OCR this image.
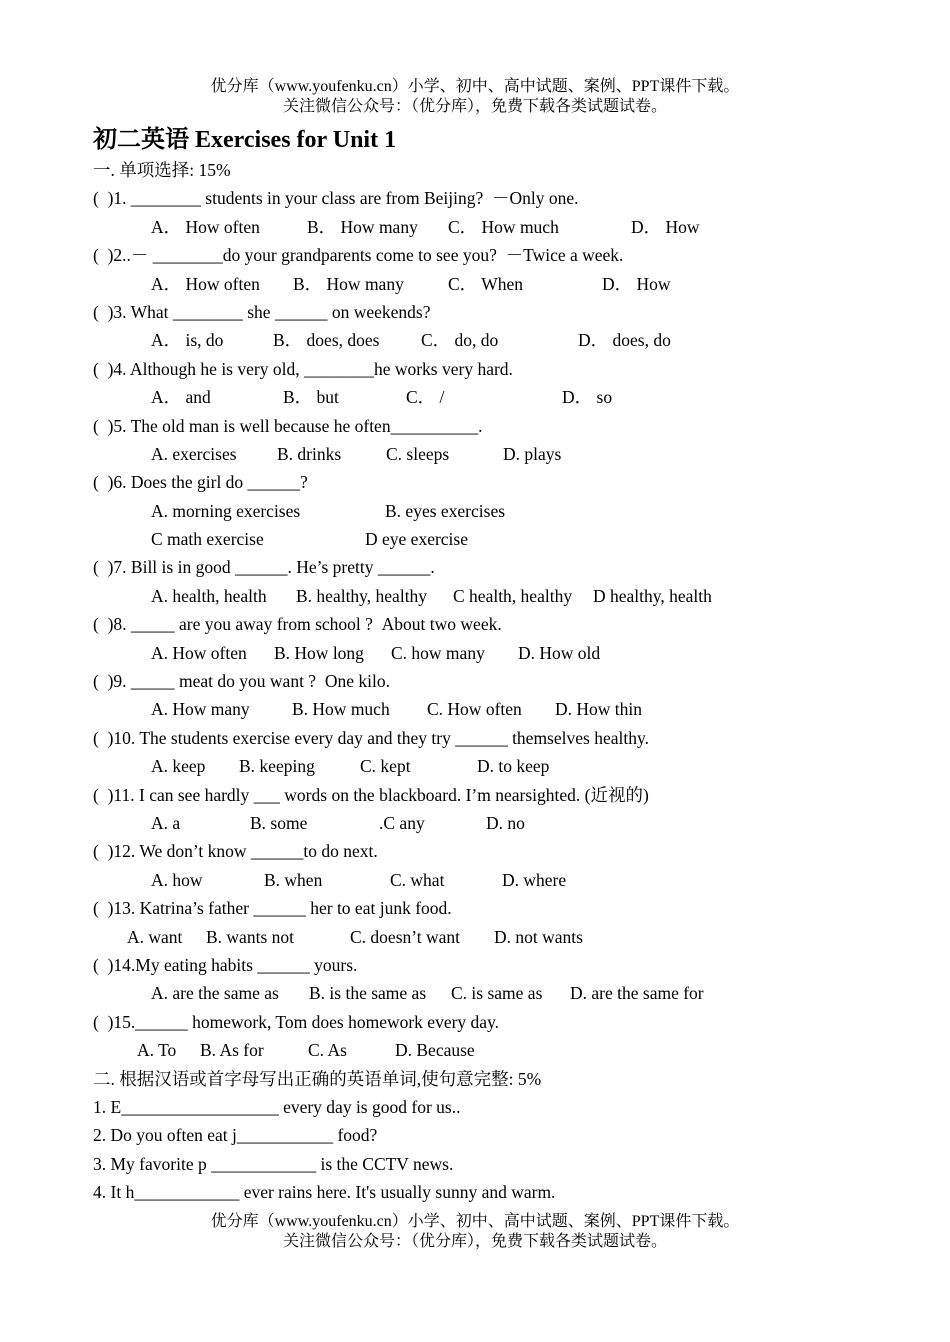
优分库（www.youfenku.cn）小学、初中、高中试题、案例、PPT课件下载。
关注微信公众号：（优分库），免费下载各类试题试卷。
初二英语 Exercises for Unit 1
一. 单项选择: 15%
(  )1. ________ students in your class are from Beijing?  －Only one.
A． How often	B． How many C． How much	D． How
(  )2..－ ________do your grandparents come to see you?  －Twice a week.
A． How often B． How many	C． When	D． How
(  )3. What ________ she ______ on weekends?
A． is, do	B． does, does C． do, do	D． does, do
(  )4. Although he is very old, ________he works very hard.
A． and	B． but	C． /	D． so
(  )5. The old man is well because he often__________.
A. exercises B. drinks	C. sleeps	D. plays
(  )6. Does the girl do ______?
A. morning exercises	B. eyes exercises
C math exercise	D eye exercise
(  )7. Bill is in good ______. He’s pretty ______.
A. health, health B. healthy, healthy C health, healthy D healthy, health
(  )8. _____ are you away from school ?  About two week.
A. How often B. How long C. how many D. How old
(  )9. _____ meat do you want ?  One kilo.
A. How many B. How much C. How often D. How thin
(  )10. The students exercise every day and they try ______ themselves healthy.
A. keep B. keeping	C. kept	D. to keep
(  )11. I can see hardly ___ words on the blackboard. I’m nearsighted. (近视的)
A. a	B. some	.C any	D. no
(  )12. We don’t know ______to do next.
A. how	B. when	C. what	D. where
(  )13. Katrina’s father ______ her to eat junk food.
A. want B. wants not	C. doesn’t want D. not wants
(  )14.My eating habits ______ yours.
A. are the same as B. is the same as C. is same as D. are the same for
(  )15.______ homework, Tom does homework every day.
A. To B. As for	C. As	D. Because
二. 根据汉语或首字母写出正确的英语单词,使句意完整: 5%
1. E__________________ every day is good for us..
2. Do you often eat j___________ food?
3. My favorite p ____________ is the CCTV news.
4. It h____________ ever rains here. It's usually sunny and warm.
优分库（www.youfenku.cn）小学、初中、高中试题、案例、PPT课件下载。
关注微信公众号：（优分库），免费下载各类试题试卷。
